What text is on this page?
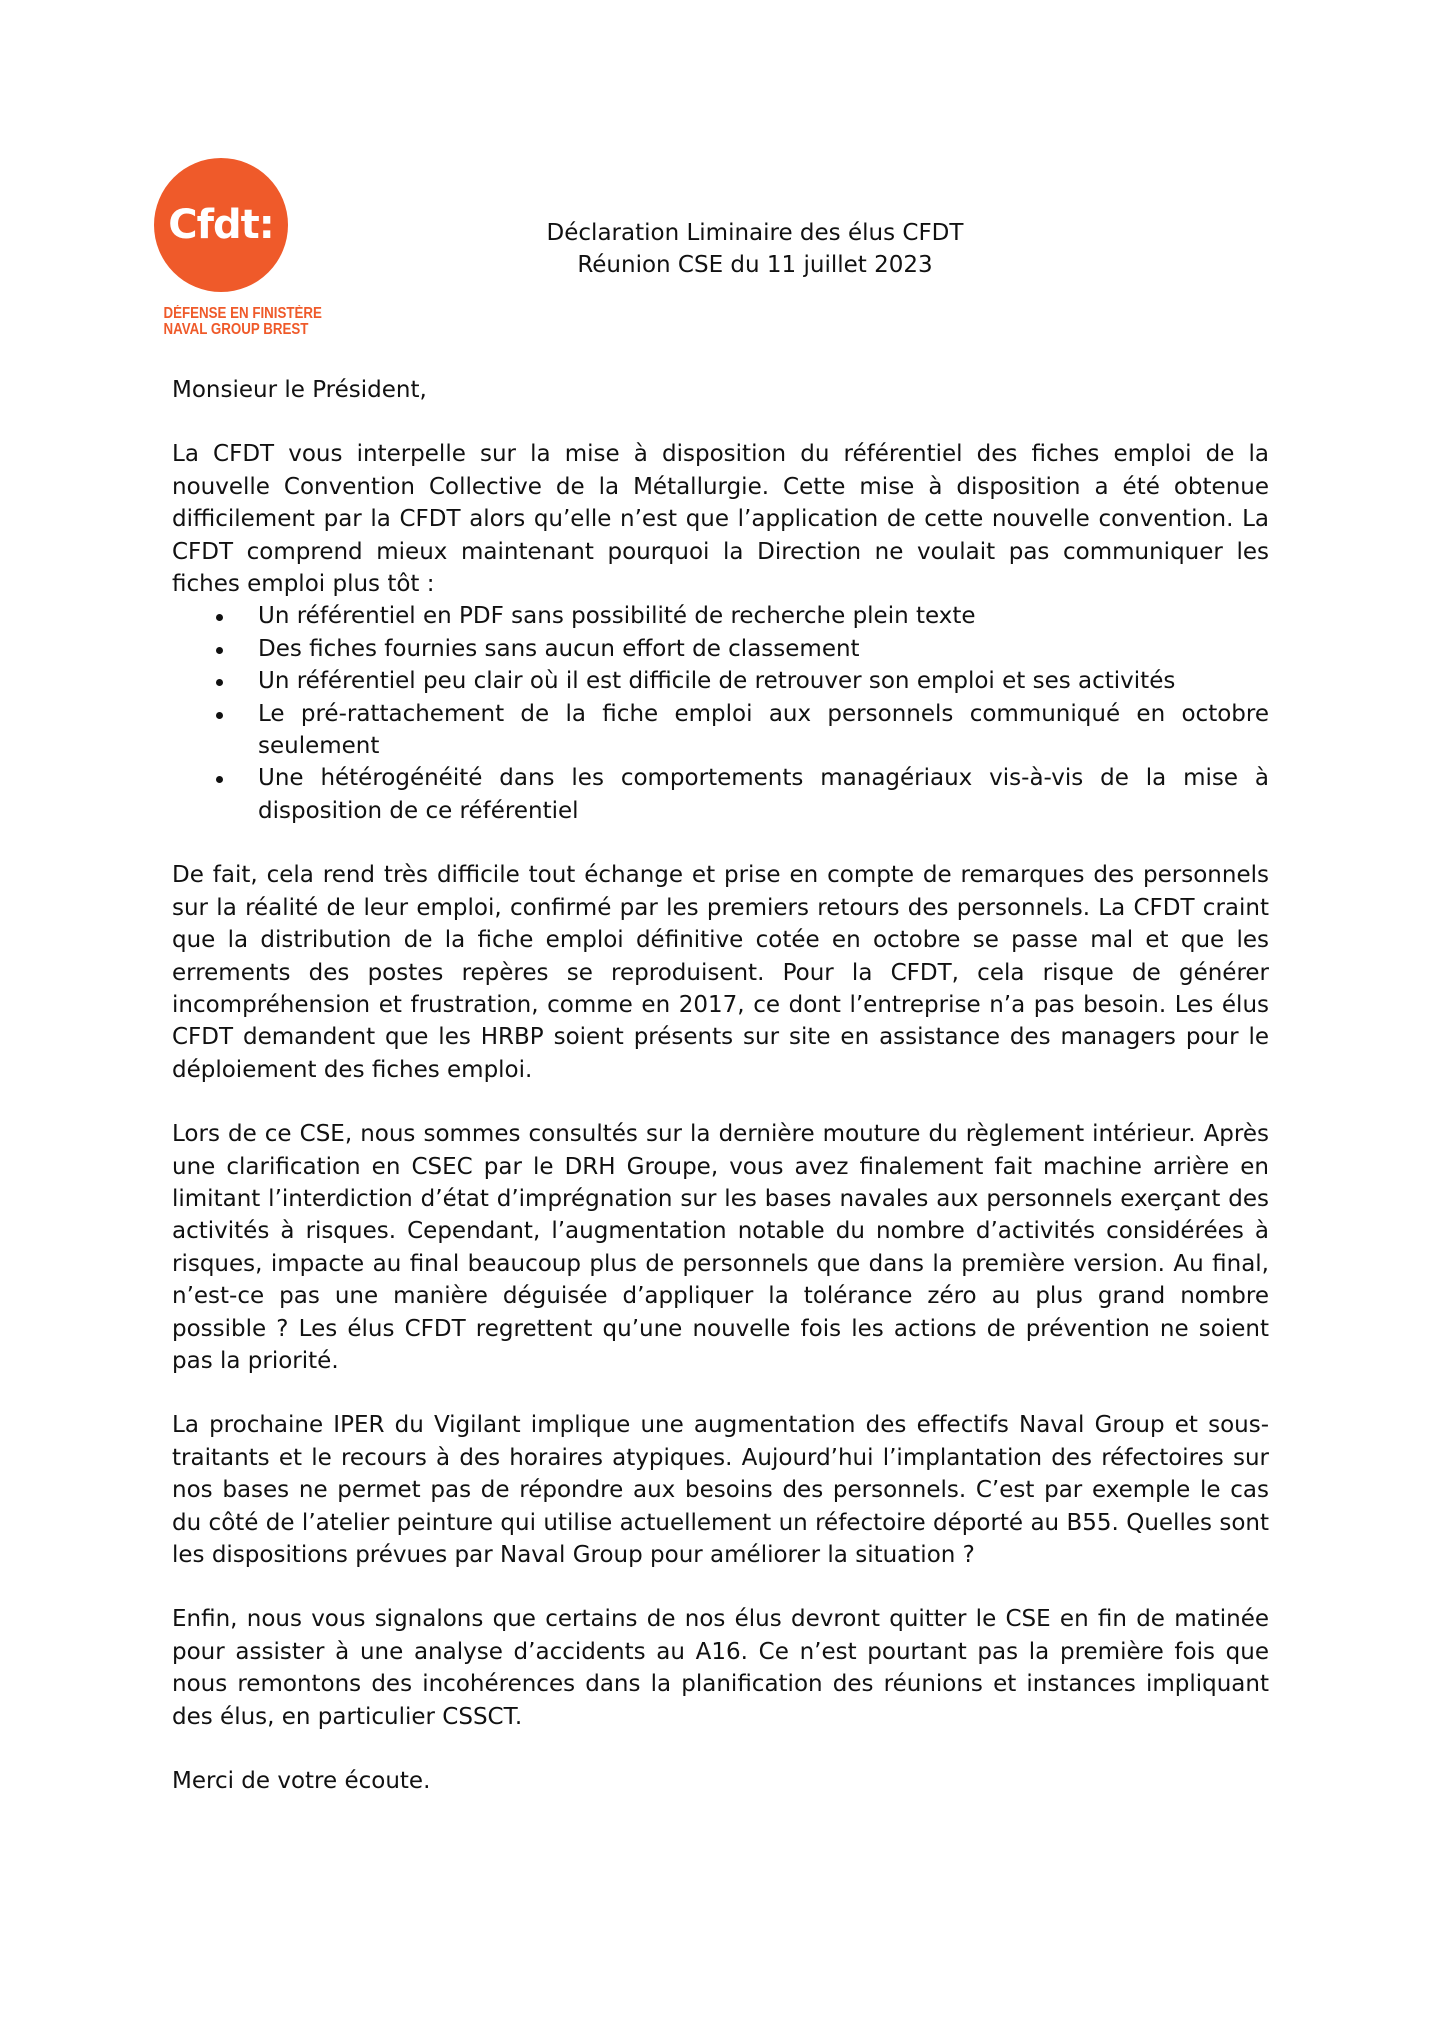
Cfdt:
DÉFENSE EN FINISTÈRE
NAVAL GROUP BREST
Déclaration Liminaire des élus CFDT
Réunion CSE du 11 juillet 2023

Monsieur le Président,

La CFDT vous interpelle sur la mise à disposition du référentiel des fiches emploi de la nouvelle Convention Collective de la Métallurgie. Cette mise à disposition a été obtenue difficilement par la CFDT alors qu’elle n’est que l’application de cette nouvelle convention. La CFDT comprend mieux maintenant pourquoi la Direction ne voulait pas communiquer les fiches emploi plus tôt :

Un référentiel en PDF sans possibilité de recherche plein texte
Des fiches fournies sans aucun effort de classement
Un référentiel peu clair où il est difficile de retrouver son emploi et ses activités
Le pré-rattachement de la fiche emploi aux personnels communiqué en octobre seulement
Une hétérogénéité dans les comportements managériaux vis-à-vis de la mise à disposition de ce référentiel

De fait, cela rend très difficile tout échange et prise en compte de remarques des personnels sur la réalité de leur emploi, confirmé par les premiers retours des personnels. La CFDT craint que la distribution de la fiche emploi définitive cotée en octobre se passe mal et que les errements des postes repères se reproduisent. Pour la CFDT, cela risque de générer incompréhension et frustration, comme en 2017, ce dont l’entreprise n’a pas besoin. Les élus CFDT demandent que les HRBP soient présents sur site en assistance des managers pour le déploiement des fiches emploi.

Lors de ce CSE, nous sommes consultés sur la dernière mouture du règlement intérieur. Après une clarification en CSEC par le DRH Groupe, vous avez finalement fait machine arrière en limitant l’interdiction d’état d’imprégnation sur les bases navales aux personnels exerçant des activités à risques. Cependant, l’augmentation notable du nombre d’activités considérées à risques, impacte au final beaucoup plus de personnels que dans la première version. Au final, n’est-ce pas une manière déguisée d’appliquer la tolérance zéro au plus grand nombre possible ? Les élus CFDT regrettent qu’une nouvelle fois les actions de prévention ne soient pas la priorité.

La prochaine IPER du Vigilant implique une augmentation des effectifs Naval Group et sous-traitants et le recours à des horaires atypiques. Aujourd’hui l’implantation des réfectoires sur nos bases ne permet pas de répondre aux besoins des personnels. C’est par exemple le cas du côté de l’atelier peinture qui utilise actuellement un réfectoire déporté au B55. Quelles sont les dispositions prévues par Naval Group pour améliorer la situation ?

Enfin, nous vous signalons que certains de nos élus devront quitter le CSE en fin de matinée pour assister à une analyse d’accidents au A16. Ce n’est pourtant pas la première fois que nous remontons des incohérences dans la planification des réunions et instances impliquant des élus, en particulier CSSCT.

Merci de votre écoute.
